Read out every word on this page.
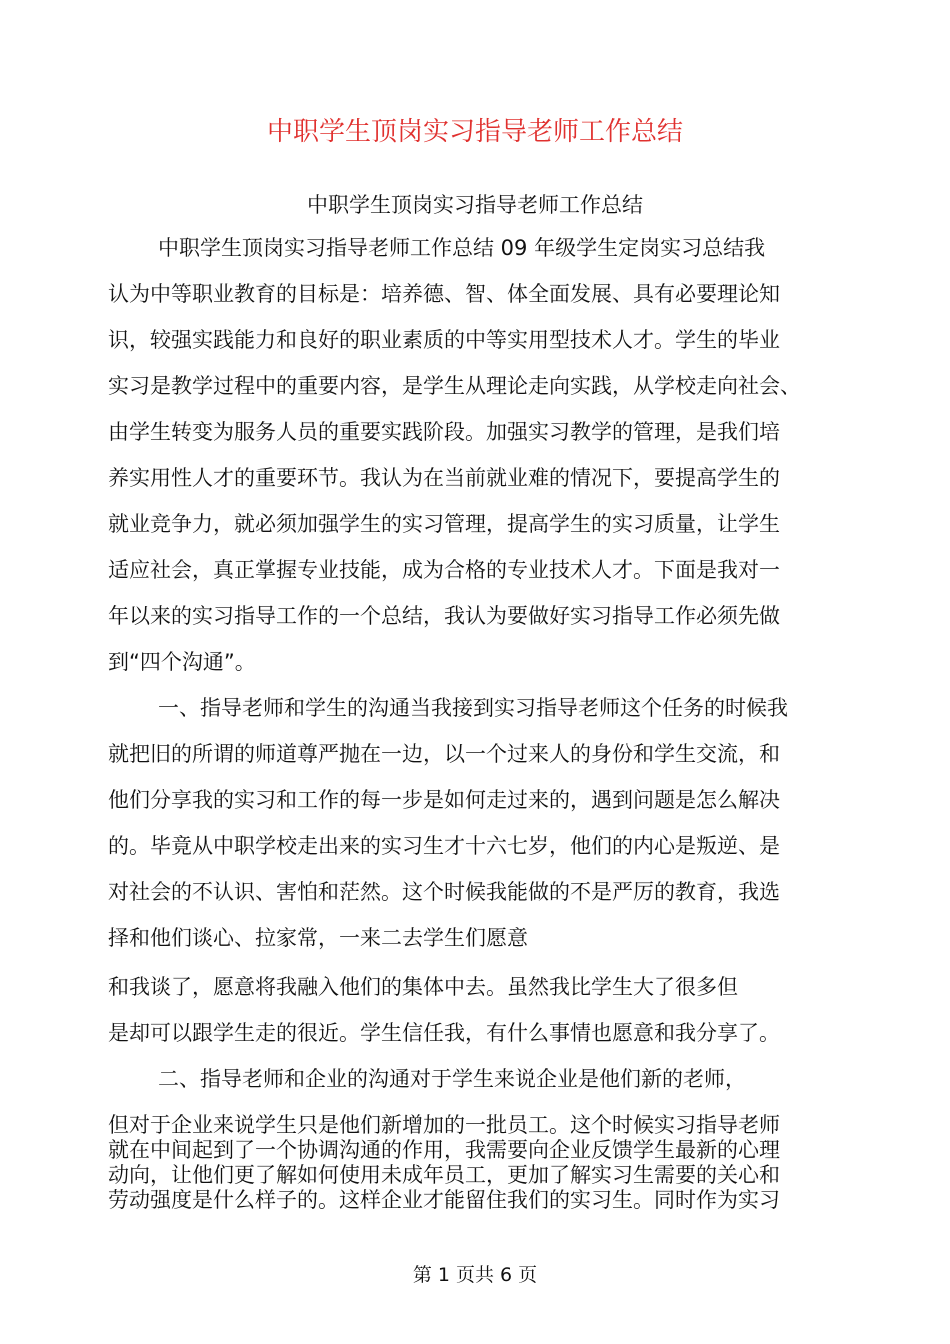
中职学生顶岗实习指导老师工作总结
中职学生顶岗实习指导老师工作总结
中职学生顶岗实习指导老师工作总结 09 年级学生定岗实习总结我
认为中等职业教育的目标是：培养德、智、体全面发展、具有必要理论知
识，较强实践能力和良好的职业素质的中等实用型技术人才。学生的毕业
实习是教学过程中的重要内容，是学生从理论走向实践，从学校走向社会、
由学生转变为服务人员的重要实践阶段。加强实习教学的管理，是我们培
养实用性人才的重要环节。我认为在当前就业难的情况下，要提高学生的
就业竞争力，就必须加强学生的实习管理，提高学生的实习质量，让学生
适应社会，真正掌握专业技能，成为合格的专业技术人才。下面是我对一
年以来的实习指导工作的一个总结，我认为要做好实习指导工作必须先做
到“四个沟通”。
一、指导老师和学生的沟通当我接到实习指导老师这个任务的时候我
就把旧的所谓的师道尊严抛在一边，以一个过来人的身份和学生交流，和
他们分享我的实习和工作的每一步是如何走过来的，遇到问题是怎么解决
的。毕竟从中职学校走出来的实习生才十六七岁，他们的内心是叛逆、是
对社会的不认识、害怕和茫然。这个时候我能做的不是严厉的教育，我选
择和他们谈心、拉家常，一来二去学生们愿意
和我谈了，愿意将我融入他们的集体中去。虽然我比学生大了很多但
是却可以跟学生走的很近。学生信任我，有什么事情也愿意和我分享了。
二、指导老师和企业的沟通对于学生来说企业是他们新的老师，
但对于企业来说学生只是他们新增加的一批员工。这个时候实习指导老师
就在中间起到了一个协调沟通的作用，我需要向企业反馈学生最新的心理
动向，让他们更了解如何使用未成年员工，更加了解实习生需要的关心和
劳动强度是什么样子的。这样企业才能留住我们的实习生。同时作为实习
第 1 页共 6 页
